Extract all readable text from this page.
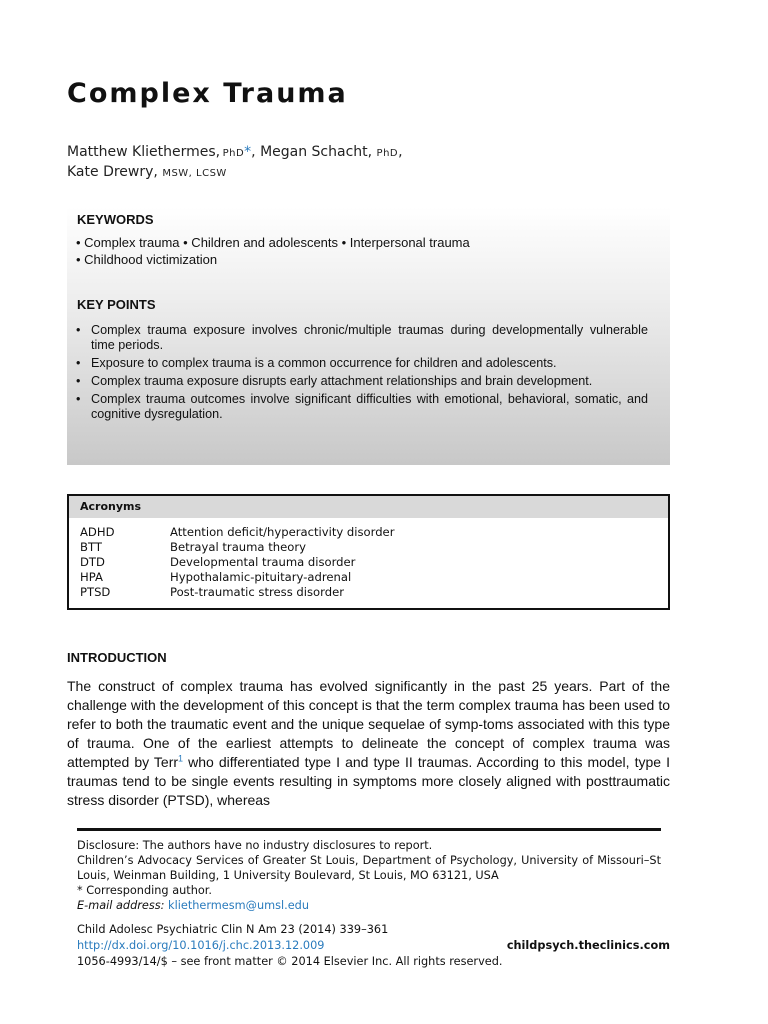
Complex Trauma
Matthew Kliethermes,  PhD*, Megan Schacht, PhD,
Kate Drewry, MSW, LCSW
KEYWORDS
• Complex trauma • Children and adolescents • Interpersonal trauma
• Childhood victimization
KEY POINTS
• Complex trauma exposure involves chronic/multiple traumas during developmentally vulnerable time periods.
• Exposure to complex trauma is a common occurrence for children and adolescents.
• Complex trauma exposure disrupts early attachment relationships and brain development.
• Complex trauma outcomes involve significant difficulties with emotional, behavioral, somatic, and cognitive dysregulation.
Acronyms
ADHD	Attention deficit/hyperactivity disorder
BTT	Betrayal trauma theory
DTD	Developmental trauma disorder
HPA	Hypothalamic-pituitary-adrenal
PTSD	Post-traumatic stress disorder
INTRODUCTION

The construct of complex trauma has evolved significantly in the past 25 years. Part of the challenge with the development of this concept is that the term complex trauma has been used to refer to both the traumatic event and the unique sequelae of symp-toms associated with this type of trauma. One of the earliest attempts to delineate the concept of complex trauma was attempted by Terr$^1$ who differentiated type I and type II traumas. According to this model, type I traumas tend to be single events resulting in symptoms more closely aligned with posttraumatic stress disorder (PTSD), whereas

Disclosure: The authors have no industry disclosures to report.

Children’s Advocacy Services of Greater St Louis, Department of Psychology, University of Missouri–St Louis, Weinman Building, 1 University Boulevard, St Louis, MO 63121, USA

* Corresponding author.

E-mail address: kliethermesm@umsl.edu

Child Adolesc Psychiatric Clin N Am 23 (2014) 339–361
http://dx.doi.org/10.1016/j.chc.2013.12.009	childpsych.theclinics.com
1056-4993/14/$ – see front matter © 2014 Elsevier Inc. All rights reserved.
